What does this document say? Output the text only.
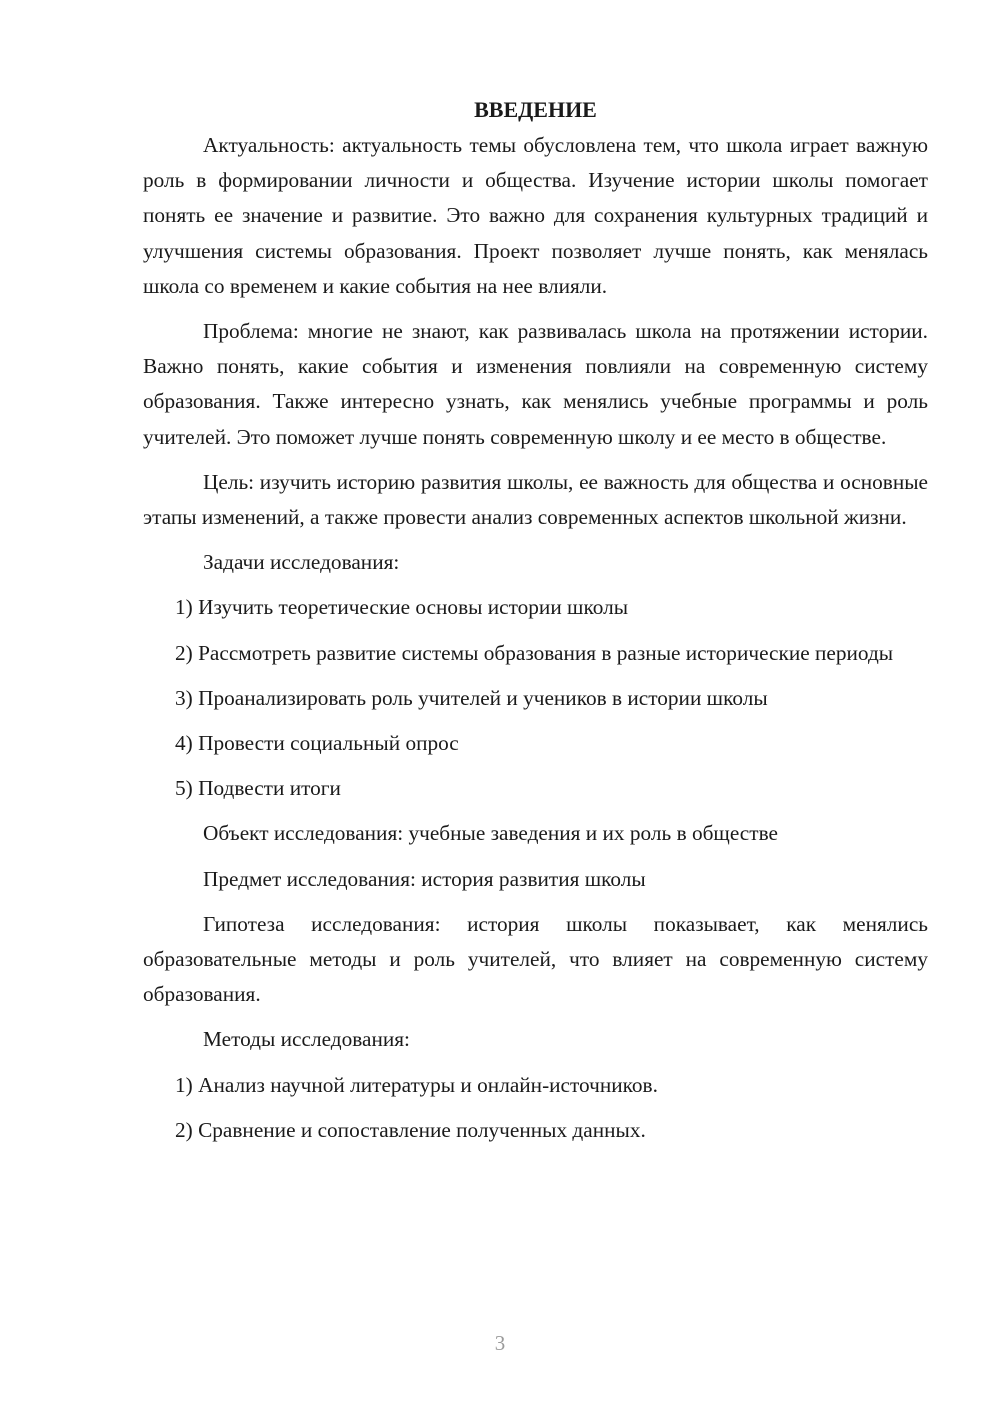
ВВЕДЕНИЕ

Актуальность: актуальность темы обусловлена тем, что школа играет важную роль в формировании личности и общества. Изучение истории школы помогает понять ее значение и развитие. Это важно для сохранения культурных традиций и улучшения системы образования. Проект позволяет лучше понять, как менялась школа со временем и какие события на нее влияли.

Проблема: многие не знают, как развивалась школа на протяжении истории. Важно понять, какие события и изменения повлияли на современную систему образования. Также интересно узнать, как менялись учебные программы и роль учителей. Это поможет лучше понять современную школу и ее место в обществе.

Цель: изучить историю развития школы, ее важность для общества и основные этапы изменений, а также провести анализ современных аспектов школьной жизни.

Задачи исследования:

1) Изучить теоретические основы истории школы

2) Рассмотреть развитие системы образования в разные исторические периоды

3) Проанализировать роль учителей и учеников в истории школы

4) Провести социальный опрос

5) Подвести итоги

Объект исследования: учебные заведения и их роль в обществе

Предмет исследования: история развития школы

Гипотеза исследования: история школы показывает, как менялись образовательные методы и роль учителей, что влияет на современную систему образования.

Методы исследования:

1) Анализ научной литературы и онлайн-источников.

2) Сравнение и сопоставление полученных данных.

3
